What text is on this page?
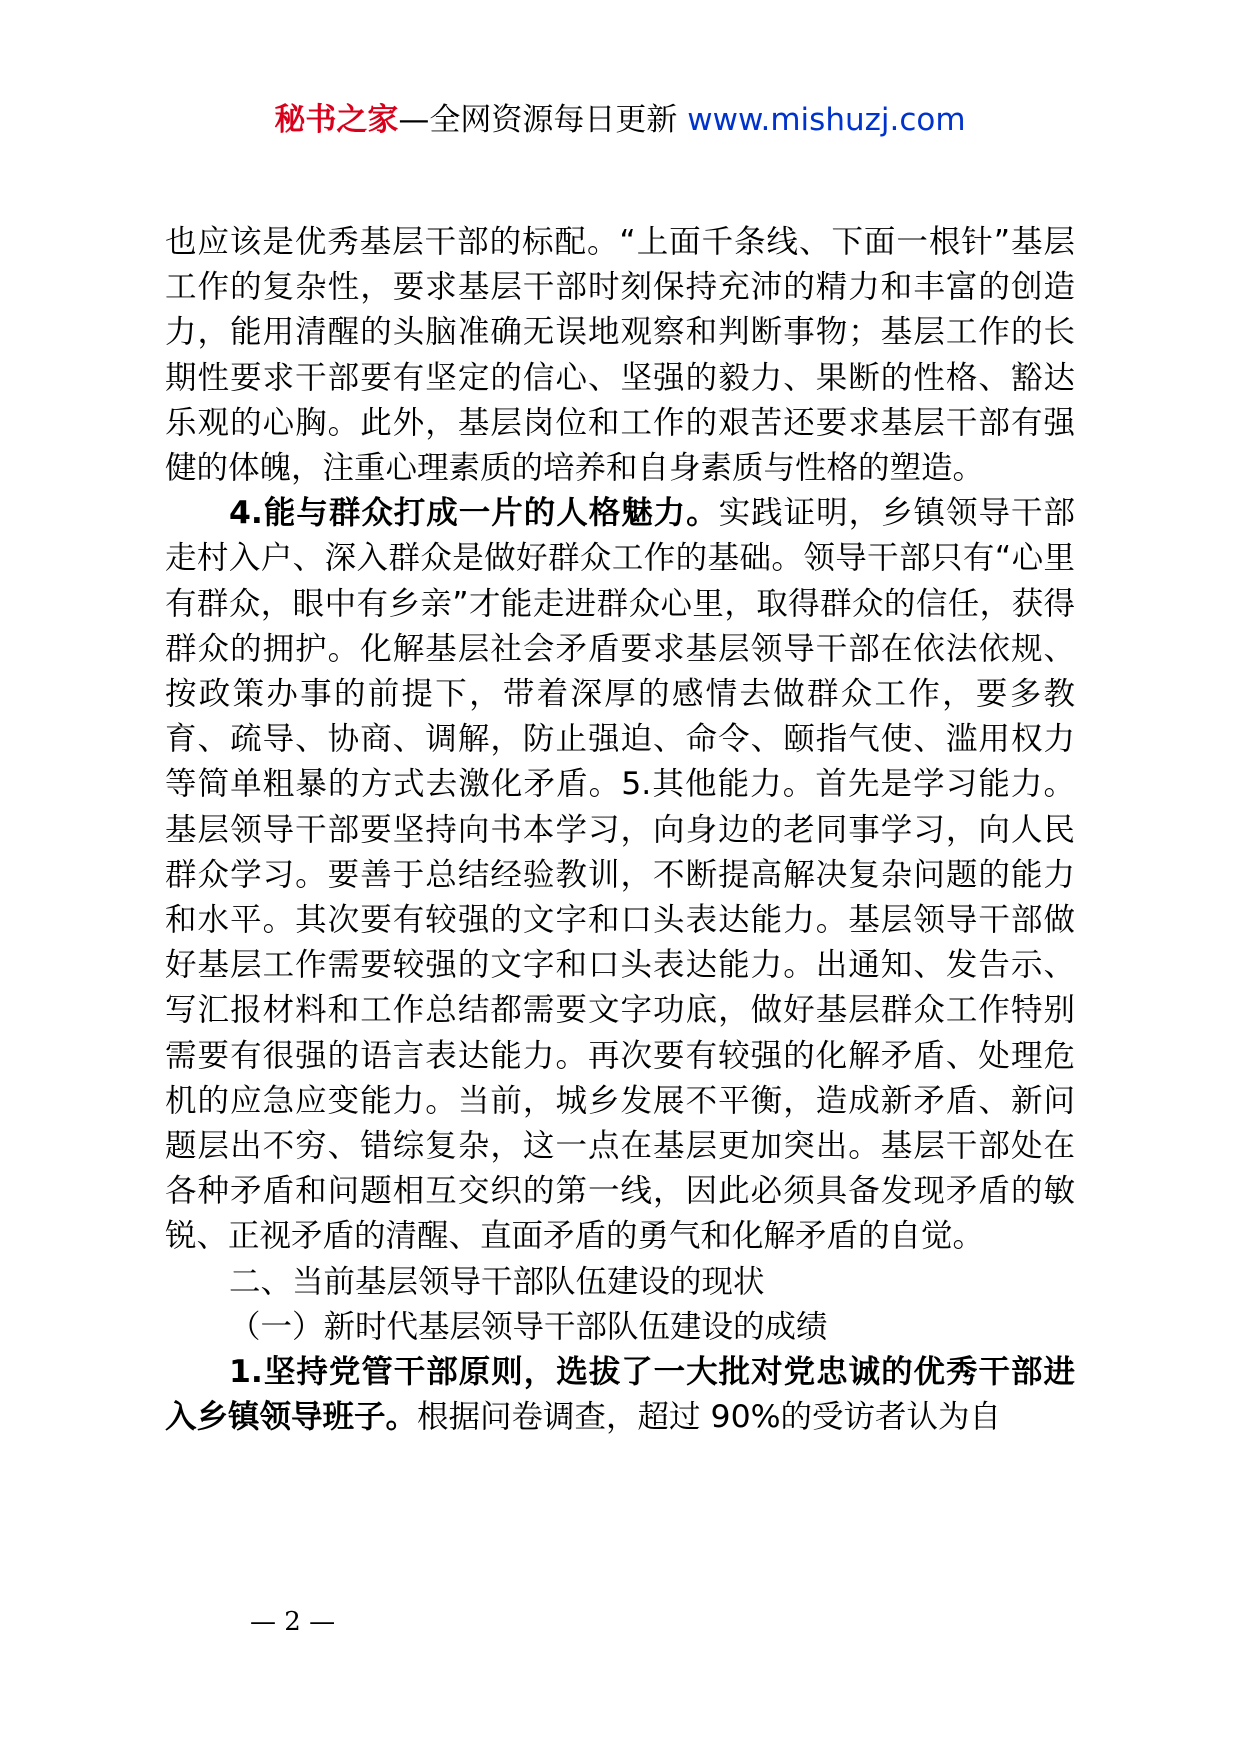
秘书之家—全网资源每日更新 www.mishuzj.com

也应该是优秀基层干部的标配。“上面千条线、下面一根针”基层工作的复杂性，要求基层干部时刻保持充沛的精力和丰富的创造力，能用清醒的头脑准确无误地观察和判断事物；基层工作的长期性要求干部要有坚定的信心、坚强的毅力、果断的性格、豁达乐观的心胸。此外，基层岗位和工作的艰苦还要求基层干部有强健的体魄，注重心理素质的培养和自身素质与性格的塑造。

4.能与群众打成一片的人格魅力。实践证明，乡镇领导干部走村入户、深入群众是做好群众工作的基础。领导干部只有“心里有群众，眼中有乡亲”才能走进群众心里，取得群众的信任，获得群众的拥护。化解基层社会矛盾要求基层领导干部在依法依规、按政策办事的前提下，带着深厚的感情去做群众工作，要多教育、疏导、协商、调解，防止强迫、命令、颐指气使、滥用权力等简单粗暴的方式去激化矛盾。5.其他能力。首先是学习能力。基层领导干部要坚持向书本学习，向身边的老同事学习，向人民群众学习。要善于总结经验教训，不断提高解决复杂问题的能力和水平。其次要有较强的文字和口头表达能力。基层领导干部做好基层工作需要较强的文字和口头表达能力。出通知、发告示、写汇报材料和工作总结都需要文字功底，做好基层群众工作特别需要有很强的语言表达能力。再次要有较强的化解矛盾、处理危机的应急应变能力。当前，城乡发展不平衡，造成新矛盾、新问题层出不穷、错综复杂，这一点在基层更加突出。基层干部处在各种矛盾和问题相互交织的第一线，因此必须具备发现矛盾的敏锐、正视矛盾的清醒、直面矛盾的勇气和化解矛盾的自觉。

二、当前基层领导干部队伍建设的现状

（一）新时代基层领导干部队伍建设的成绩

1.坚持党管干部原则，选拔了一大批对党忠诚的优秀干部进入乡镇领导班子。根据问卷调查，超过 90%的受访者认为自

— 2 —
